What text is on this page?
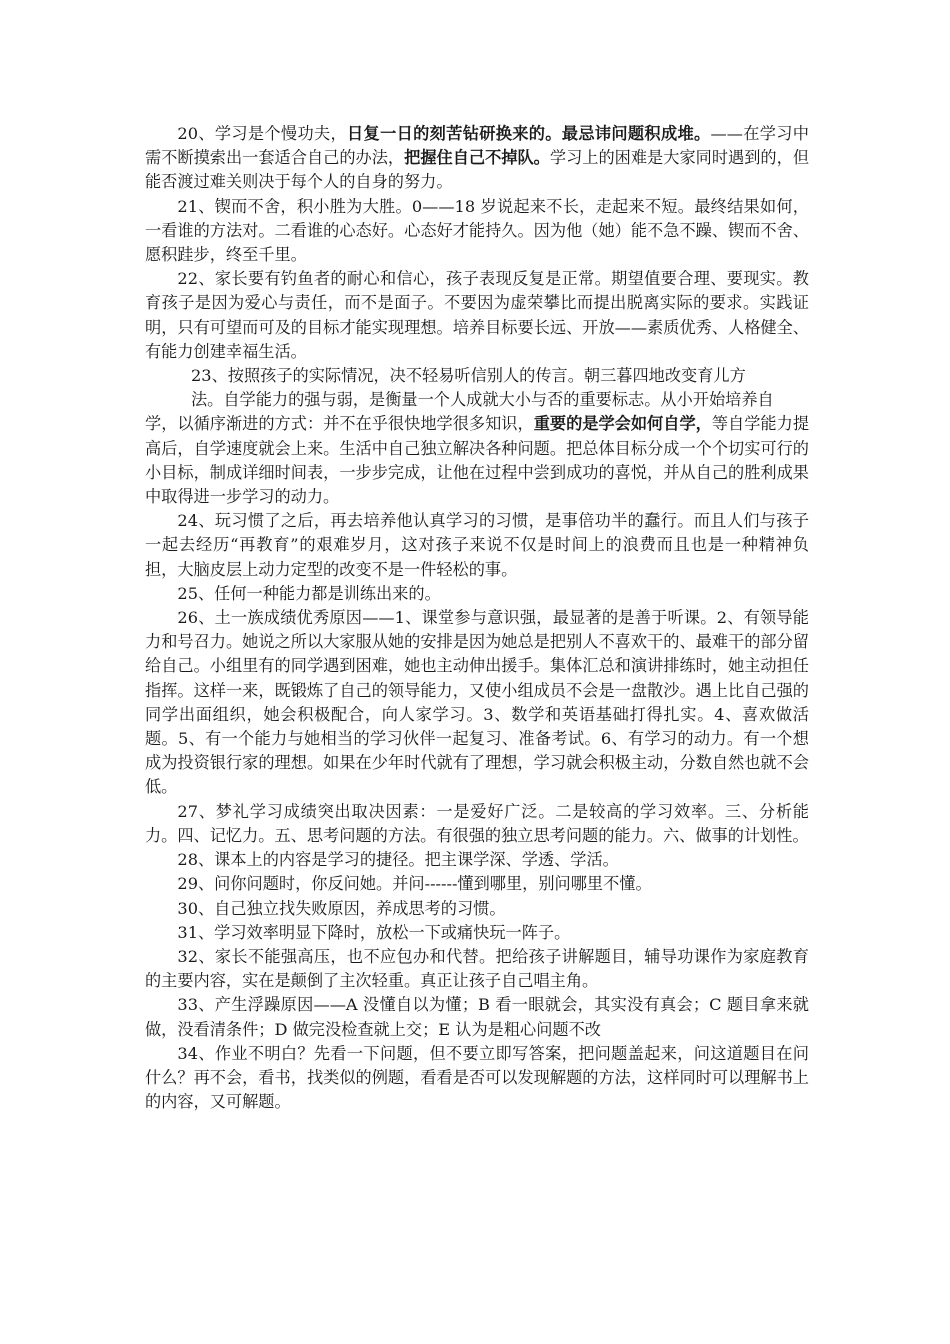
20、学习是个慢功夫，日复一日的刻苦钻研换来的。最忌讳问题积成堆。——在学习中需不断摸索出一套适合自己的办法，把握住自己不掉队。学习上的困难是大家同时遇到的，但能否渡过难关则决于每个人的自身的努力。

21、锲而不舍，积小胜为大胜。0——18 岁说起来不长，走起来不短。最终结果如何，一看谁的方法对。二看谁的心态好。心态好才能持久。因为他（她）能不急不躁、锲而不舍、愿积跬步，终至千里。

22、家长要有钓鱼者的耐心和信心，孩子表现反复是正常。期望值要合理、要现实。教育孩子是因为爱心与责任，而不是面子。不要因为虚荣攀比而提出脱离实际的要求。实践证明，只有可望而可及的目标才能实现理想。培养目标要长远、开放——素质优秀、人格健全、有能力创建幸福生活。

23、按照孩子的实际情况，决不轻易听信别人的传言。朝三暮四地改变育儿方
法。自学能力的强与弱，是衡量一个人成就大小与否的重要标志。从小开始培养自
学，以循序渐进的方式：并不在乎很快地学很多知识，重要的是学会如何自学，等自学能力提高后，自学速度就会上来。生活中自己独立解决各种问题。把总体目标分成一个个切实可行的小目标，制成详细时间表，一步步完成，让他在过程中尝到成功的喜悦，并从自己的胜利成果中取得进一步学习的动力。

24、玩习惯了之后，再去培养他认真学习的习惯，是事倍功半的蠢行。而且人们与孩子一起去经历“再教育”的艰难岁月，这对孩子来说不仅是时间上的浪费而且也是一种精神负担，大脑皮层上动力定型的改变不是一件轻松的事。

25、任何一种能力都是训练出来的。

26、土一族成绩优秀原因——1、课堂参与意识强，最显著的是善于听课。2、有领导能力和号召力。她说之所以大家服从她的安排是因为她总是把别人不喜欢干的、最难干的部分留给自己。小组里有的同学遇到困难，她也主动伸出援手。集体汇总和演讲排练时，她主动担任指挥。这样一来，既锻炼了自己的领导能力，又使小组成员不会是一盘散沙。遇上比自己强的同学出面组织，她会积极配合，向人家学习。3、数学和英语基础打得扎实。4、喜欢做活题。5、有一个能力与她相当的学习伙伴一起复习、准备考试。6、有学习的动力。有一个想成为投资银行家的理想。如果在少年时代就有了理想，学习就会积极主动，分数自然也就不会低。

27、梦礼学习成绩突出取决因素：一是爱好广泛。二是较高的学习效率。三、分析能力。四、记忆力。五、思考问题的方法。有很强的独立思考问题的能力。六、做事的计划性。

28、课本上的内容是学习的捷径。把主课学深、学透、学活。

29、问你问题时，你反问她。并问------懂到哪里，别问哪里不懂。

30、自己独立找失败原因，养成思考的习惯。

31、学习效率明显下降时，放松一下或痛快玩一阵子。

32、家长不能强高压，也不应包办和代替。把给孩子讲解题目，辅导功课作为家庭教育的主要内容，实在是颠倒了主次轻重。真正让孩子自己唱主角。

33、产生浮躁原因——A 没懂自以为懂；B 看一眼就会，其实没有真会；C 题目拿来就做，没看清条件；D 做完没检查就上交；E 认为是粗心问题不改

34、作业不明白？先看一下问题，但不要立即写答案，把问题盖起来，问这道题目在问什么？再不会，看书，找类似的例题，看看是否可以发现解题的方法，这样同时可以理解书上的内容，又可解题。
